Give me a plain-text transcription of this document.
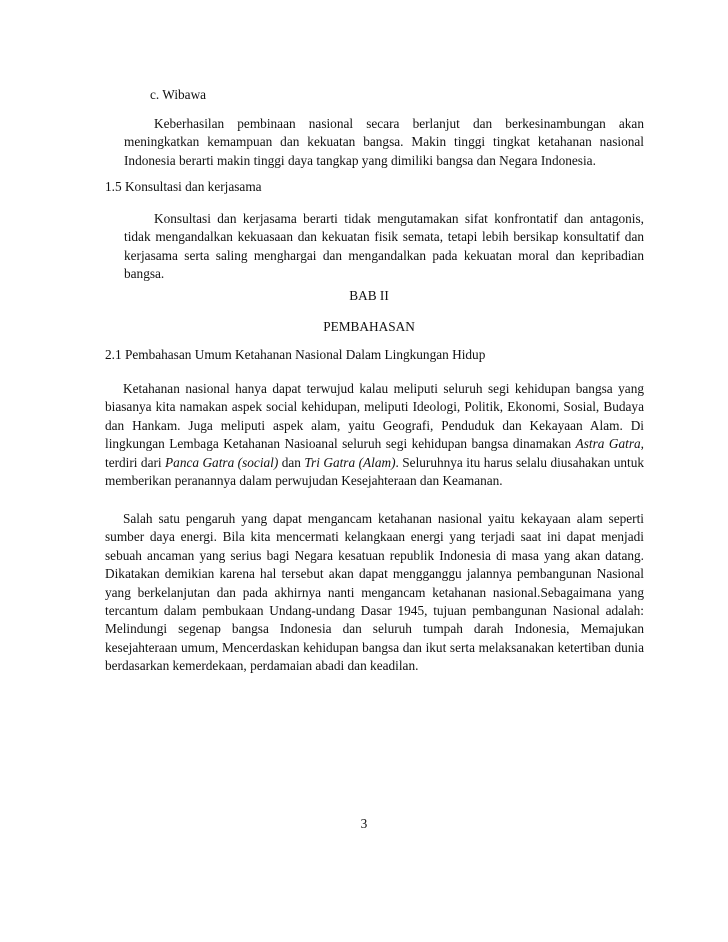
c. Wibawa
Keberhasilan pembinaan nasional secara berlanjut dan berkesinambungan akan meningkatkan kemampuan dan kekuatan bangsa. Makin tinggi tingkat ketahanan nasional Indonesia berarti makin tinggi daya tangkap yang dimiliki bangsa dan Negara Indonesia.
1.5 Konsultasi dan kerjasama
Konsultasi dan kerjasama berarti tidak mengutamakan sifat konfrontatif dan antagonis, tidak mengandalkan kekuasaan dan kekuatan fisik semata, tetapi lebih bersikap konsultatif dan kerjasama serta saling menghargai dan mengandalkan pada kekuatan moral dan kepribadian bangsa.
BAB II
PEMBAHASAN
2.1 Pembahasan Umum Ketahanan Nasional Dalam Lingkungan Hidup
Ketahanan nasional hanya dapat terwujud kalau meliputi seluruh segi kehidupan bangsa yang biasanya kita namakan aspek social kehidupan, meliputi Ideologi, Politik, Ekonomi, Sosial, Budaya dan Hankam. Juga meliputi aspek alam, yaitu Geografi, Penduduk dan Kekayaan Alam. Di lingkungan Lembaga Ketahanan Nasioanal seluruh segi kehidupan bangsa dinamakan Astra Gatra, terdiri dari Panca Gatra (social) dan Tri Gatra (Alam). Seluruhnya itu harus selalu diusahakan untuk memberikan peranannya dalam perwujudan Kesejahteraan dan Keamanan.
Salah satu pengaruh yang dapat mengancam ketahanan nasional yaitu kekayaan alam seperti sumber daya energi. Bila kita mencermati kelangkaan energi yang terjadi saat ini dapat menjadi sebuah ancaman yang serius bagi Negara kesatuan republik Indonesia di masa yang akan datang. Dikatakan demikian karena hal tersebut akan dapat mengganggu jalannya pembangunan Nasional yang berkelanjutan dan pada akhirnya nanti mengancam ketahanan nasional.Sebagaimana yang tercantum dalam pembukaan Undang-undang Dasar 1945, tujuan pembangunan Nasional adalah: Melindungi segenap bangsa Indonesia dan seluruh tumpah darah Indonesia, Memajukan kesejahteraan umum, Mencerdaskan kehidupan bangsa dan ikut serta melaksanakan ketertiban dunia berdasarkan kemerdekaan, perdamaian abadi dan keadilan.
3
